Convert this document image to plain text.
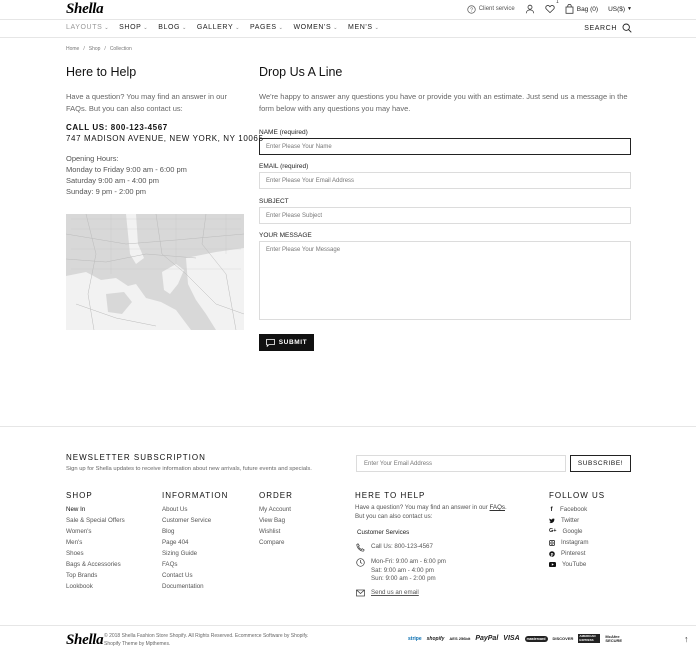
Shella	? Client service
1
Bag (0) US($) ▼
LAYOUTS ⌄ SHOP ⌄ BLOG ⌄ GALLERY ⌄ PAGES ⌄ WOMEN'S ⌄ MEN'S ⌄	SEARCH
Home / Shop / Collection
Here to Help
Have a question? You may find an answer in our FAQs. But you can also contact us:
CALL US: 800-123-4567
747 MADISON AVENUE, NEW YORK, NY 10065
Opening Hours:
Monday to Friday 9:00 am - 6:00 pm
Saturday 9:00 am - 4:00 pm
Sunday: 9 pm - 2:00 pm
Drop Us A Line
We're happy to answer any questions you have or provide you with an estimate. Just send us a message in the form below with any questions you may have.
NAME (required)
Enter Please Your Name
EMAIL (required)
Enter Please Your Email Address
SUBJECT
Enter Please Subject
YOUR MESSAGE
Enter Please Your Message
SUBMIT
NEWSLETTER SUBSCRIPTION
Sign up for Shella updates to receive information about new arrivals, future events and specials.
Enter Your Email Address	SUBSCRIBE!
SHOP
New In
Sale & Special Offers
Women's
Men's
Shoes
Bags & Accessories
Top Brands
Lookbook
INFORMATION
About Us
Customer Service
Blog
Page 404
Sizing Guide
FAQs
Contact Us
Documentation
ORDER
My Account
View Bag
Wishlist
Compare
HERE TO HELP
Have a question? You may find an answer in our FAQs.
But you can also contact us:
Customer Services
Call Us: 800-123-4567
Mon-Fri: 9:00 am - 6:00 pm
Sat: 9:00 am - 4:00 pm
Sun: 9:00 am - 2:00 pm
Send us an email
FOLLOW US
f Facebook
Twitter
G+ Google
Instagram
p Pinterest
YouTube
Shella © 2018 Shella Fashion Store Shopify. All Rights Reserved. Ecommerce Software by Shopify.
Shopify Theme by Mpthemes.
stripe shopify AES 256bit PayPal VISA	mastercard	DISCOVER	AMERICAN EXPRESS
McAfee SECURE	↑
